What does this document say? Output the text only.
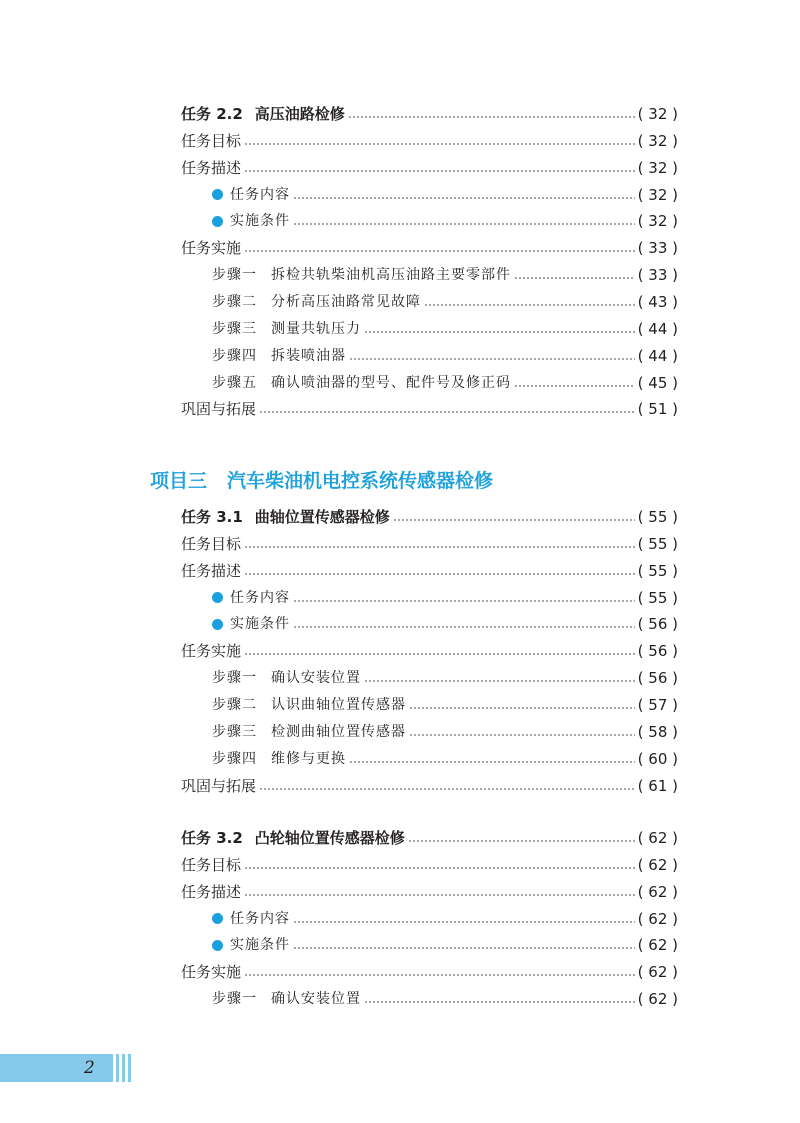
任务 2.2 高压油路检修	( 32 )
任务目标	( 32 )
任务描述	( 32 )
任务内容	( 32 )
实施条件	( 32 )
任务实施	( 33 )
步骤一 拆检共轨柴油机高压油路主要零部件	( 33 )
步骤二 分析高压油路常见故障	( 43 )
步骤三 测量共轨压力	( 44 )
步骤四 拆装喷油器	( 44 )
步骤五 确认喷油器的型号、配件号及修正码	( 45 )
巩固与拓展	( 51 )
任务 3.1 曲轴位置传感器检修	( 55 )
任务目标	( 55 )
任务描述	( 55 )
任务内容	( 55 )
实施条件	( 56 )
任务实施	( 56 )
步骤一 确认安装位置	( 56 )
步骤二 认识曲轴位置传感器	( 57 )
步骤三 检测曲轴位置传感器	( 58 )
步骤四 维修与更换	( 60 )
巩固与拓展	( 61 )
任务 3.2 凸轮轴位置传感器检修	( 62 )
任务目标	( 62 )
任务描述	( 62 )
任务内容	( 62 )
实施条件	( 62 )
任务实施	( 62 )
步骤一 确认安装位置	( 62 )
项目三 汽车柴油机电控系统传感器检修
2
